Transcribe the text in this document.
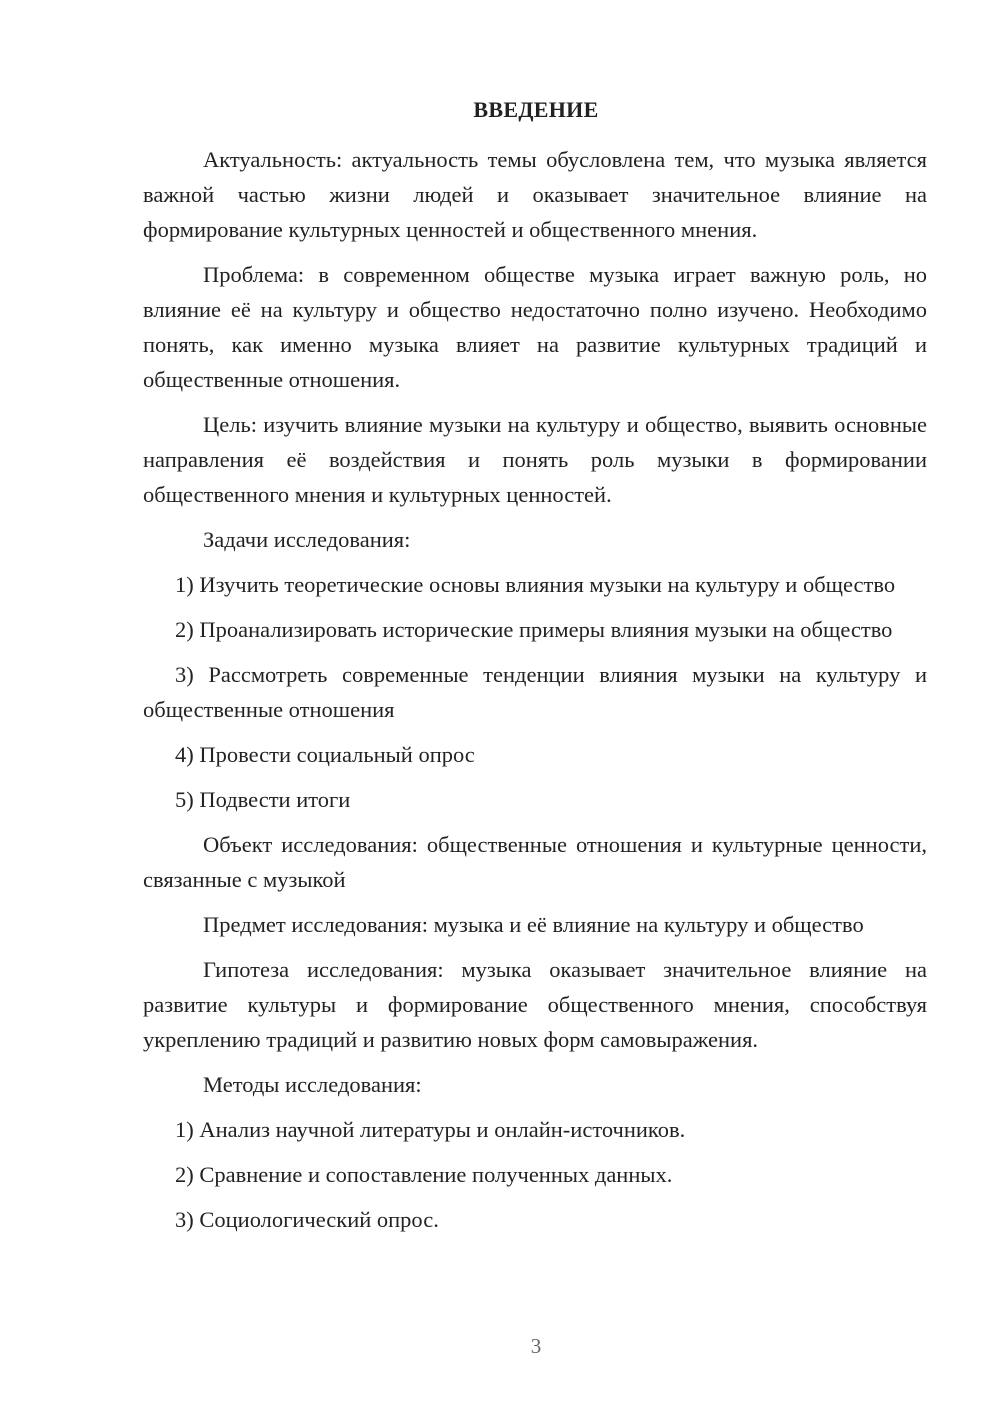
ВВЕДЕНИЕ

Актуальность: актуальность темы обусловлена тем, что музыка является важной частью жизни людей и оказывает значительное влияние на формирование культурных ценностей и общественного мнения.

Проблема: в современном обществе музыка играет важную роль, но влияние её на культуру и общество недостаточно полно изучено. Необходимо понять, как именно музыка влияет на развитие культурных традиций и общественные отношения.

Цель: изучить влияние музыки на культуру и общество, выявить основные направления её воздействия и понять роль музыки в формировании общественного мнения и культурных ценностей.

Задачи исследования:

1) Изучить теоретические основы влияния музыки на культуру и общество

2) Проанализировать исторические примеры влияния музыки на общество

3) Рассмотреть современные тенденции влияния музыки на культуру и общественные отношения

4) Провести социальный опрос

5) Подвести итоги

Объект исследования: общественные отношения и культурные ценности, связанные с музыкой

Предмет исследования: музыка и её влияние на культуру и общество

Гипотеза исследования: музыка оказывает значительное влияние на развитие культуры и формирование общественного мнения, способствуя укреплению традиций и развитию новых форм самовыражения.

Методы исследования:

1) Анализ научной литературы и онлайн-источников.

2) Сравнение и сопоставление полученных данных.

3) Социологический опрос.

3
